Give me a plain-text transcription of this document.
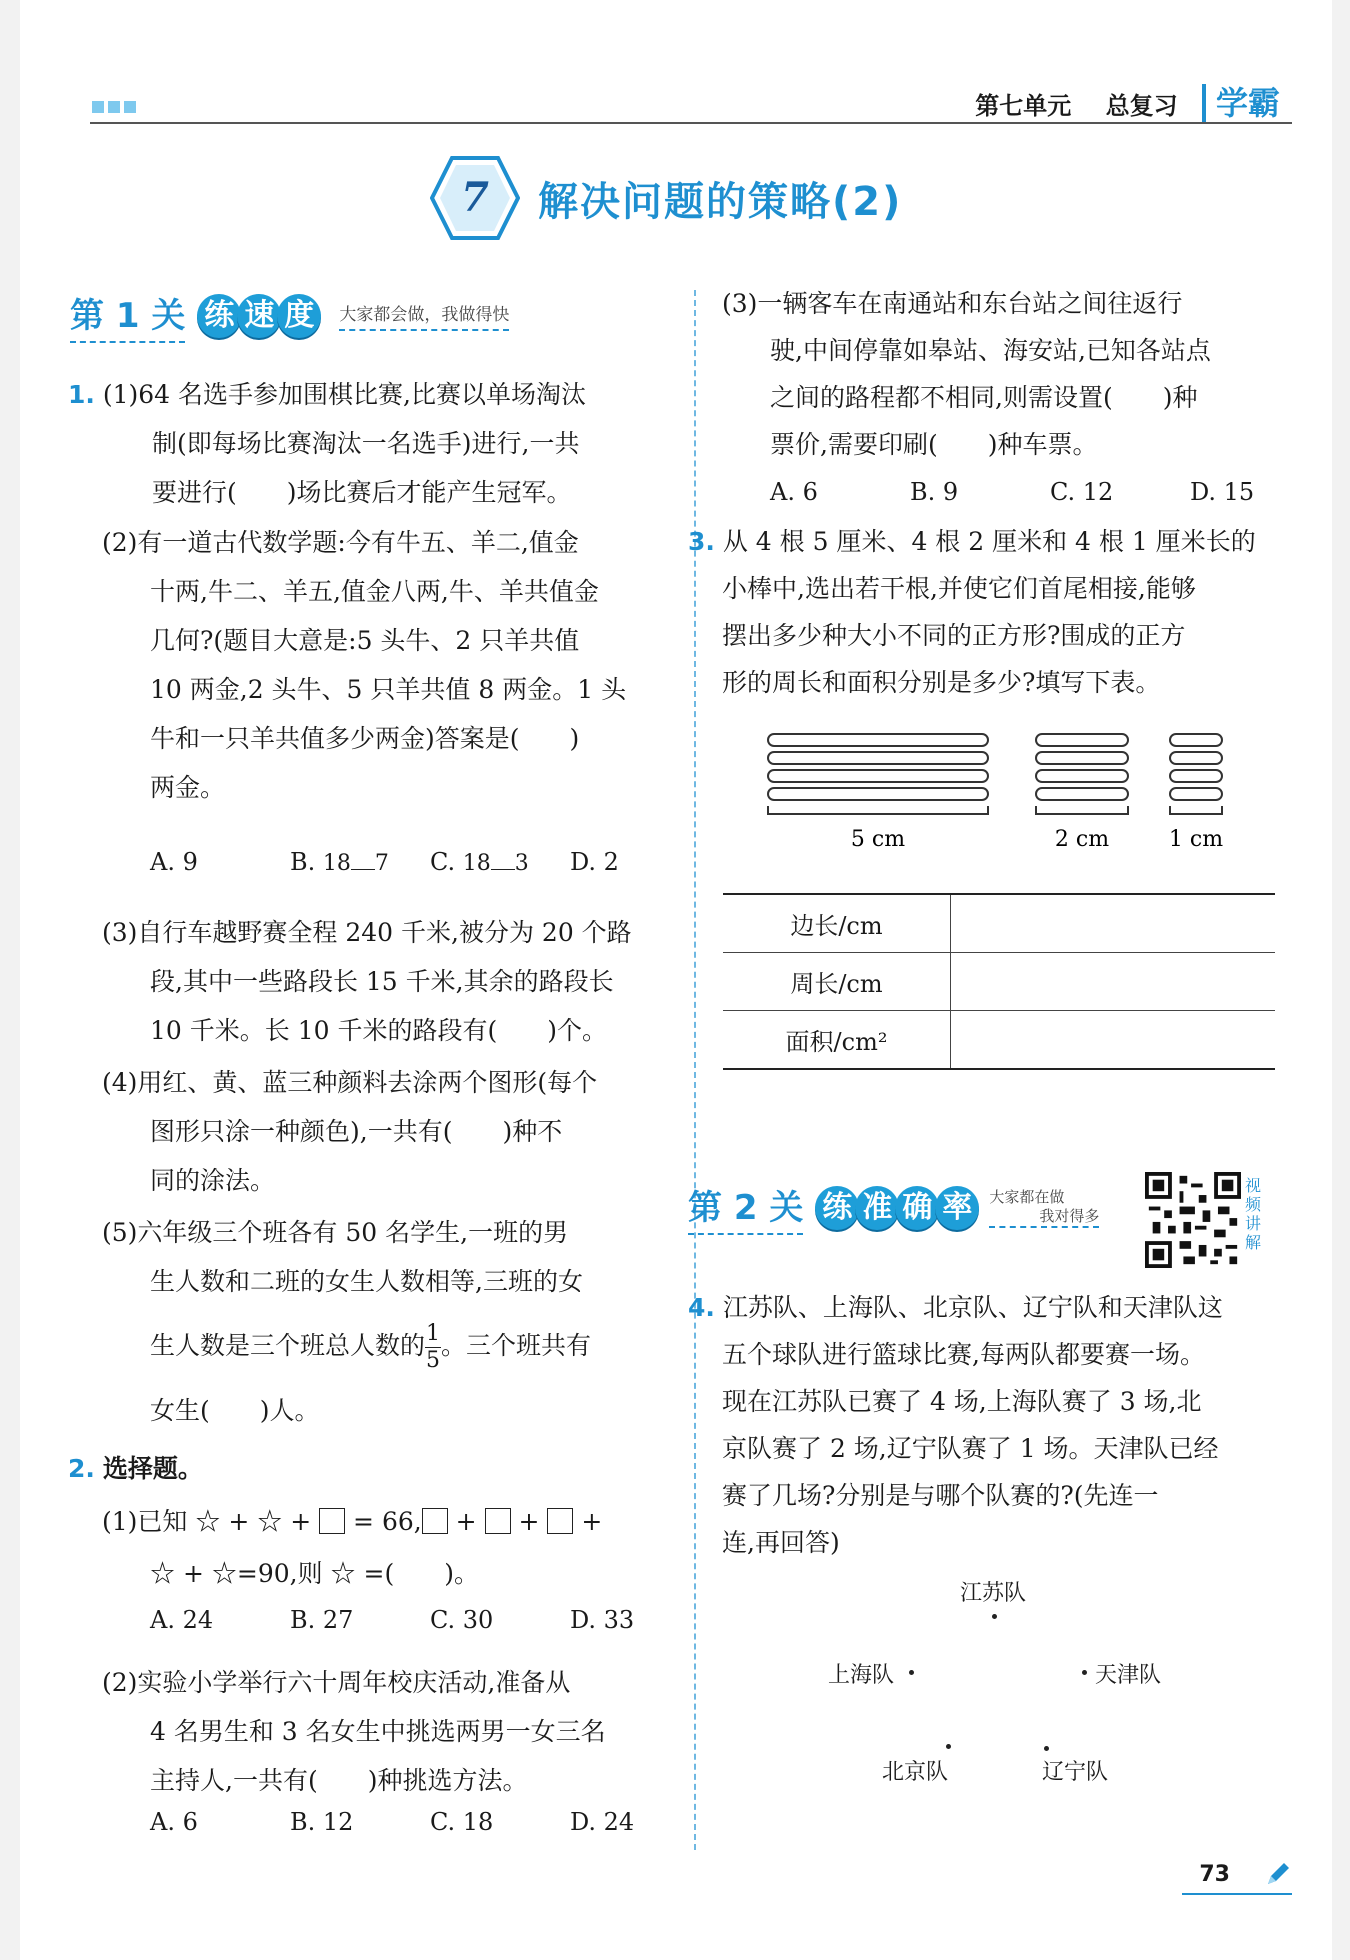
第七单元 总复习 学霸
7	解决问题的策略(2)
第 1 关 练 速 度	大家都会做，我做得快
1. (1)64 名选手参加围棋比赛,比赛以单场淘汰
制(即每场比赛淘汰一名选手)进行,一共
要进行(　　)场比赛后才能产生冠军。
(2)有一道古代数学题:今有牛五、羊二,值金
十两,牛二、羊五,值金八两,牛、羊共值金
几何?(题目大意是:5 头牛、2 只羊共值
10 两金,2 头牛、5 只羊共值 8 两金。1 头
牛和一只羊共值多少两金)答案是(　　)
两金。
A. 9	B. 18 7	C. 18 3	D. 2
(3)自行车越野赛全程 240 千米,被分为 20 个路
段,其中一些路段长 15 千米,其余的路段长
10 千米。长 10 千米的路段有(　　)个。
(4)用红、黄、蓝三种颜料去涂两个图形(每个
图形只涂一种颜色),一共有(　　)种不
同的涂法。
(5)六年级三个班各有 50 名学生,一班的男
生人数和二班的女生人数相等,三班的女
生人数是三个班总人数的 $\frac{1}{5}$ 。三个班共有
女生(　　)人。
2. 选择题。
(1)已知 ☆ + ☆ +  = 66, +  +  +
☆ + ☆=90,则 ☆ =(　　)。
A. 24	B. 27	C. 30	D. 33
(2)实验小学举行六十周年校庆活动,准备从
4 名男生和 3 名女生中挑选两男一女三名
主持人,一共有(　　)种挑选方法。
A. 6	B. 12	C. 18	D. 24
(3)一辆客车在南通站和东台站之间往返行
驶,中间停靠如皋站、海安站,已知各站点
之间的路程都不相同,则需设置(　　)种
票价,需要印刷(　　)种车票。
A. 6	B. 9	C. 12	D. 15
3. 从 4 根 5 厘米、4 根 2 厘米和 4 根 1 厘米长的
小棒中,选出若干根,并使它们首尾相接,能够
摆出多少种大小不同的正方形?围成的正方
形的周长和面积分别是多少?填写下表。
5 cm	2 cm	1 cm
边长/cm	
周长/cm	
面积/cm²	
第 2 关 练 准 确 率	大家都在做
我对得多
视频讲解
4. 江苏队、上海队、北京队、辽宁队和天津队这
五个球队进行篮球比赛,每两队都要赛一场。
现在江苏队已赛了 4 场,上海队赛了 3 场,北
京队赛了 2 场,辽宁队赛了 1 场。天津队已经
赛了几场?分别是与哪个队赛的?(先连一
连,再回答)
江苏队
上海队	天津队
北京队	辽宁队
73
